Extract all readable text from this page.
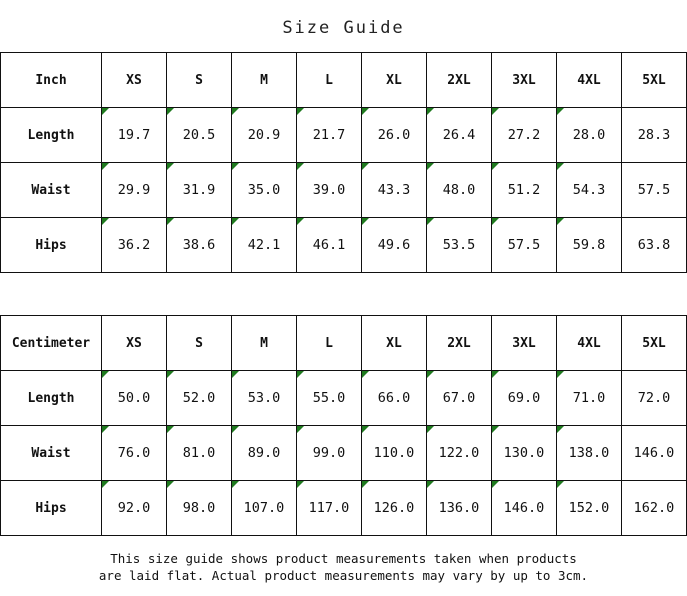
Size Guide
Inch	XS	S	M	L	XL	2XL	3XL	4XL	5XL
Length	19.7	20.5	20.9	21.7	26.0	26.4	27.2	28.0	28.3
Waist	29.9	31.9	35.0	39.0	43.3	48.0	51.2	54.3	57.5
Hips	36.2	38.6	42.1	46.1	49.6	53.5	57.5	59.8	63.8
Centimeter	XS	S	M	L	XL	2XL	3XL	4XL	5XL
Length	50.0	52.0	53.0	55.0	66.0	67.0	69.0	71.0	72.0
Waist	76.0	81.0	89.0	99.0	110.0	122.0	130.0	138.0	146.0
Hips	92.0	98.0	107.0	117.0	126.0	136.0	146.0	152.0	162.0
This size guide shows product measurements taken when products
are laid flat. Actual product measurements may vary by up to 3cm.
